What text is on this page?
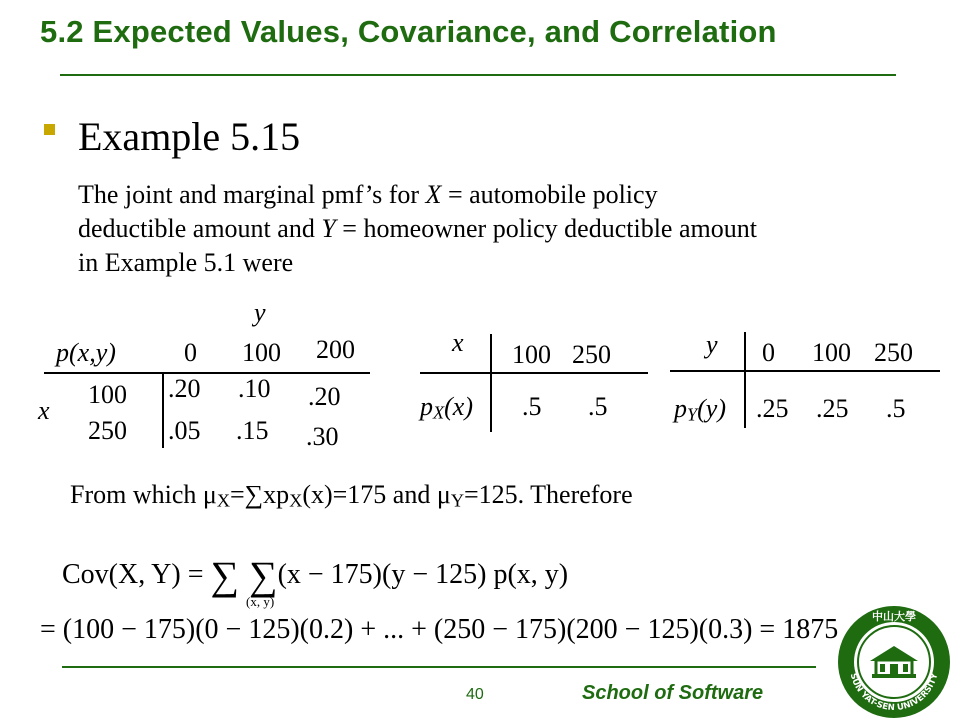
5.2 Expected Values, Covariance, and Correlation
Example 5.15
The joint and marginal pmf’s for X = automobile policy
deductible amount and Y = homeowner policy deductible amount
in Example 5.1 were
y
p(x,y)	0 100 200
x
100
250
.20 .10 .20
.05 .15 .30
x 100 250
$p_X(x)$ .5 .5
y 0 100 250
$p_Y(y)$ .25 .25 .5
From which $\mu_X=\sum xp_X(x)=175$ and $\mu_Y=125$. Therefore
Cov(X, Y) = ∑ ∑(x − 175)(y − 125) p(x, y)
(x, y)
= (100 − 175)(0 − 125)(0.2) + ... + (250 − 175)(200 − 125)(0.3) = 1875
40	School of Software
中山大學
SUN YAT-SEN UNIVERSITY
